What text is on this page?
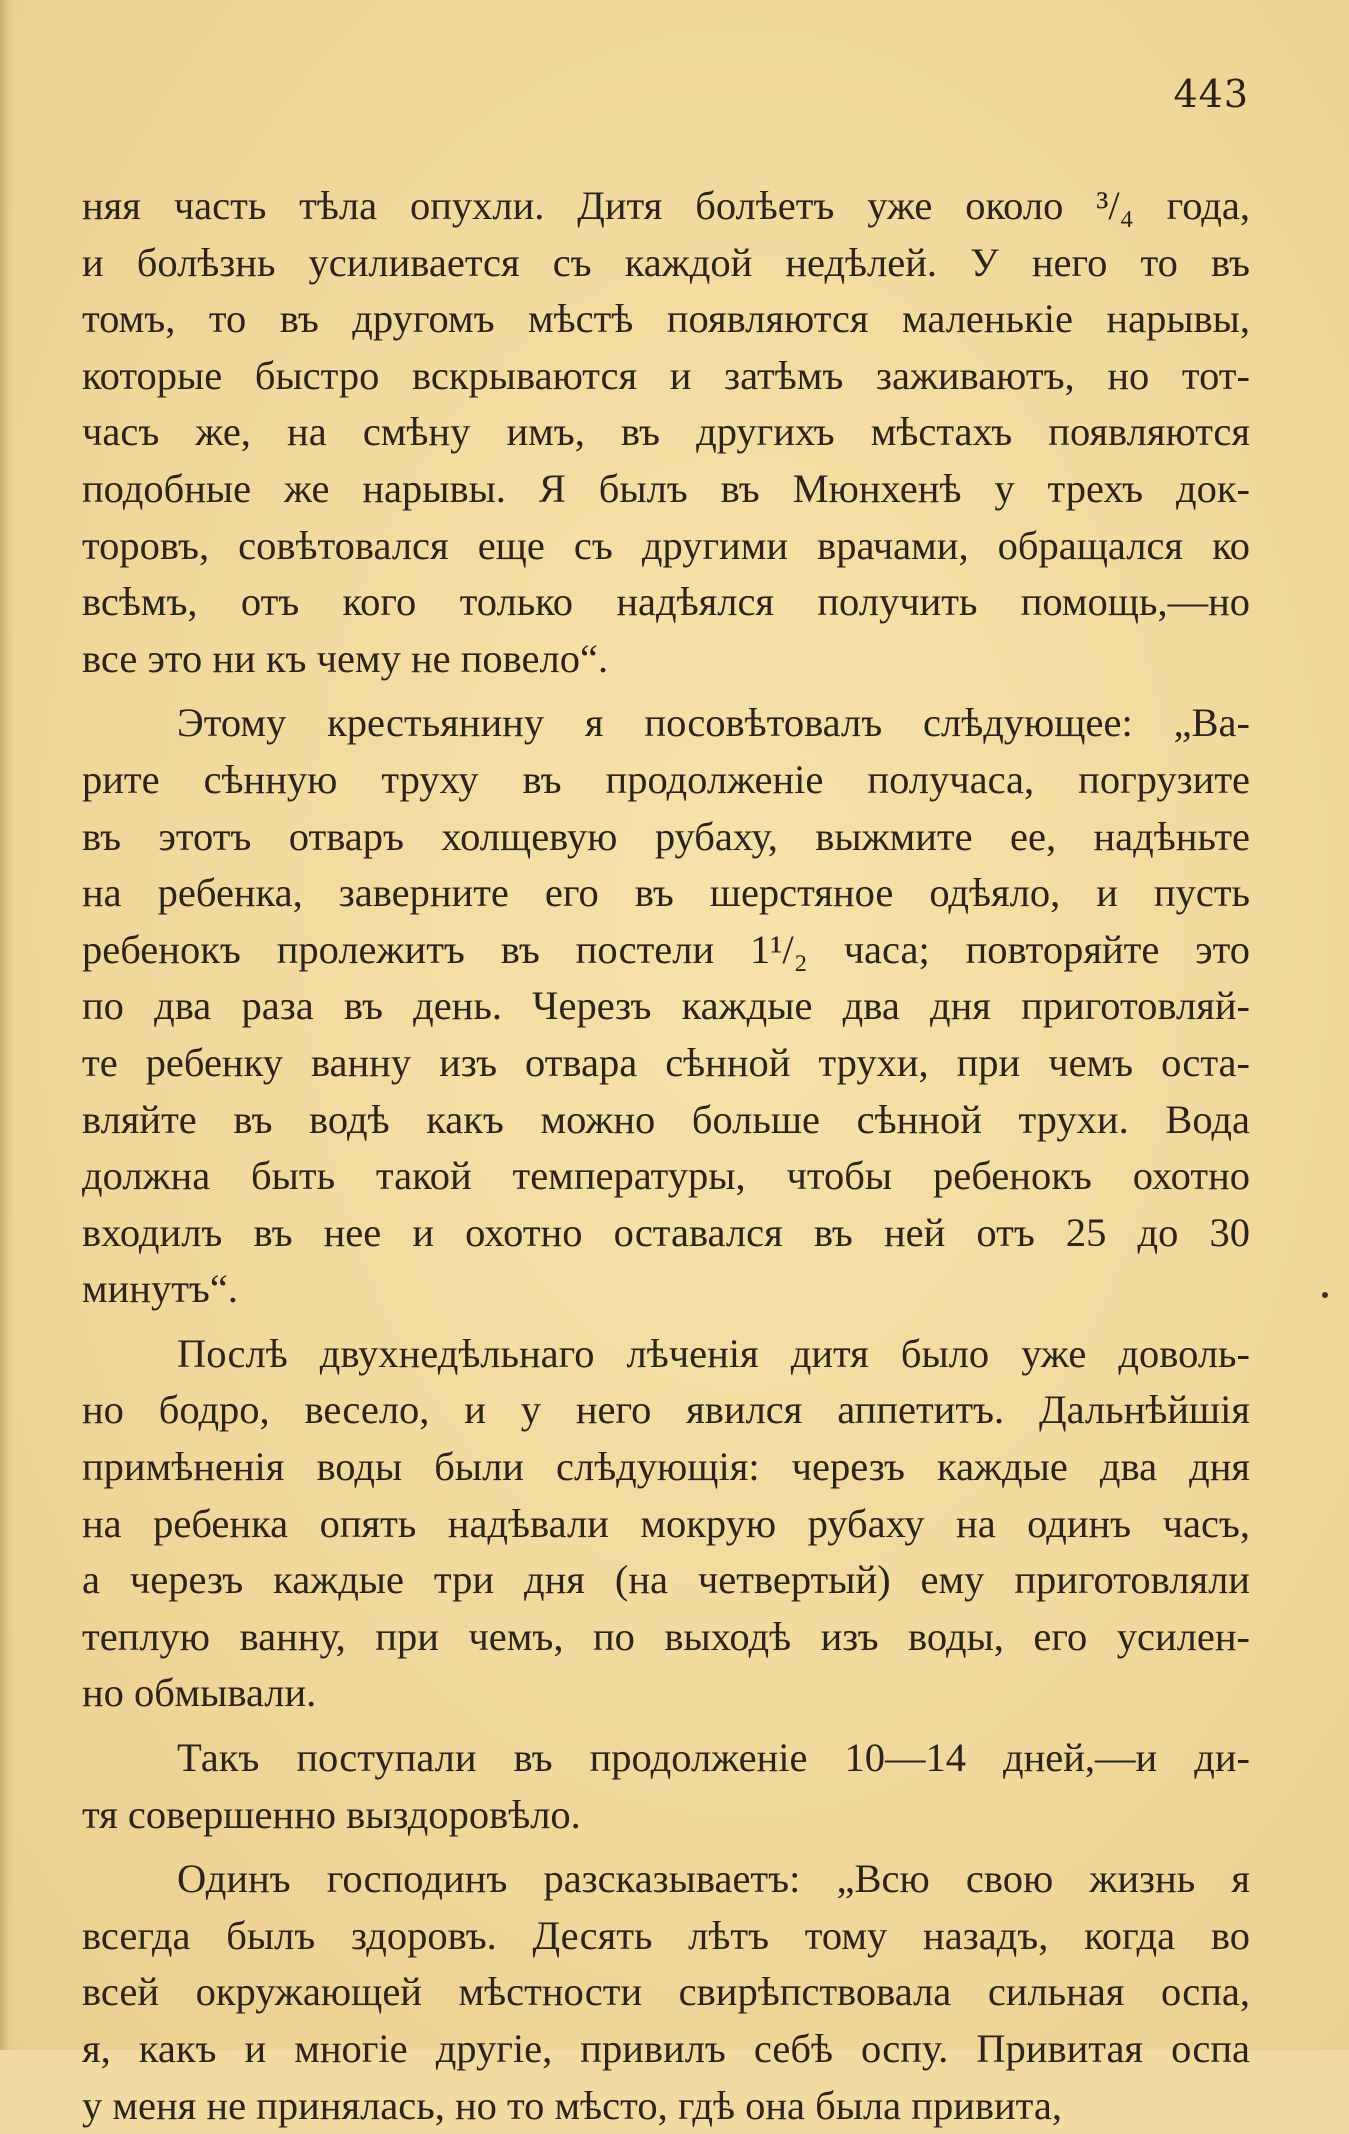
443
няя часть тѣла опухли. Дитя болѣетъ уже около ³/₄ года,
и болѣзнь усиливается съ каждой недѣлей. У него то въ
томъ, то въ другомъ мѣстѣ появляются маленькіе нарывы,
которые быстро вскрываются и затѣмъ заживаютъ, но тот-
часъ же, на смѣну имъ, въ другихъ мѣстахъ появляются
подобные же нарывы. Я былъ въ Мюнхенѣ у трехъ док-
торовъ, совѣтовался еще съ другими врачами, обращался ко
всѣмъ, отъ кого только надѣялся получить помощь,—но
все это ни къ чему не повело“.
Этому крестьянину я посовѣтовалъ слѣдующее: „Ва-
рите сѣнную труху въ продолженіе получаса, погрузите
въ этотъ отваръ холщевую рубаху, выжмите ее, надѣньте
на ребенка, заверните его въ шерстяное одѣяло, и пусть
ребенокъ пролежитъ въ постели 1¹/₂ часа; повторяйте это
по два раза въ день. Черезъ каждые два дня приготовляй-
те ребенку ванну изъ отвара сѣнной трухи, при чемъ оста-
вляйте въ водѣ какъ можно больше сѣнной трухи. Вода
должна быть такой температуры, чтобы ребенокъ охотно
входилъ въ нее и охотно оставался въ ней отъ 25 до 30
минутъ“.
Послѣ двухнедѣльнаго лѣченія дитя было уже доволь-
но бодро, весело, и у него явился аппетитъ. Дальнѣйшія
примѣненія воды были слѣдующія: черезъ каждые два дня
на ребенка опять надѣвали мокрую рубаху на одинъ часъ,
а черезъ каждые три дня (на четвертый) ему приготовляли
теплую ванну, при чемъ, по выходѣ изъ воды, его усилен-
но обмывали.
Такъ поступали въ продолженіе 10—14 дней,—и ди-
тя совершенно выздоровѣло.
Одинъ господинъ разсказываетъ: „Всю свою жизнь я
всегда былъ здоровъ. Десять лѣтъ тому назадъ, когда во
всей окружающей мѣстности свирѣпствовала сильная оспа,
я, какъ и многіе другіе, привилъ себѣ оспу. Привитая оспа
у меня не принялась, но то мѣсто, гдѣ она была привита,
